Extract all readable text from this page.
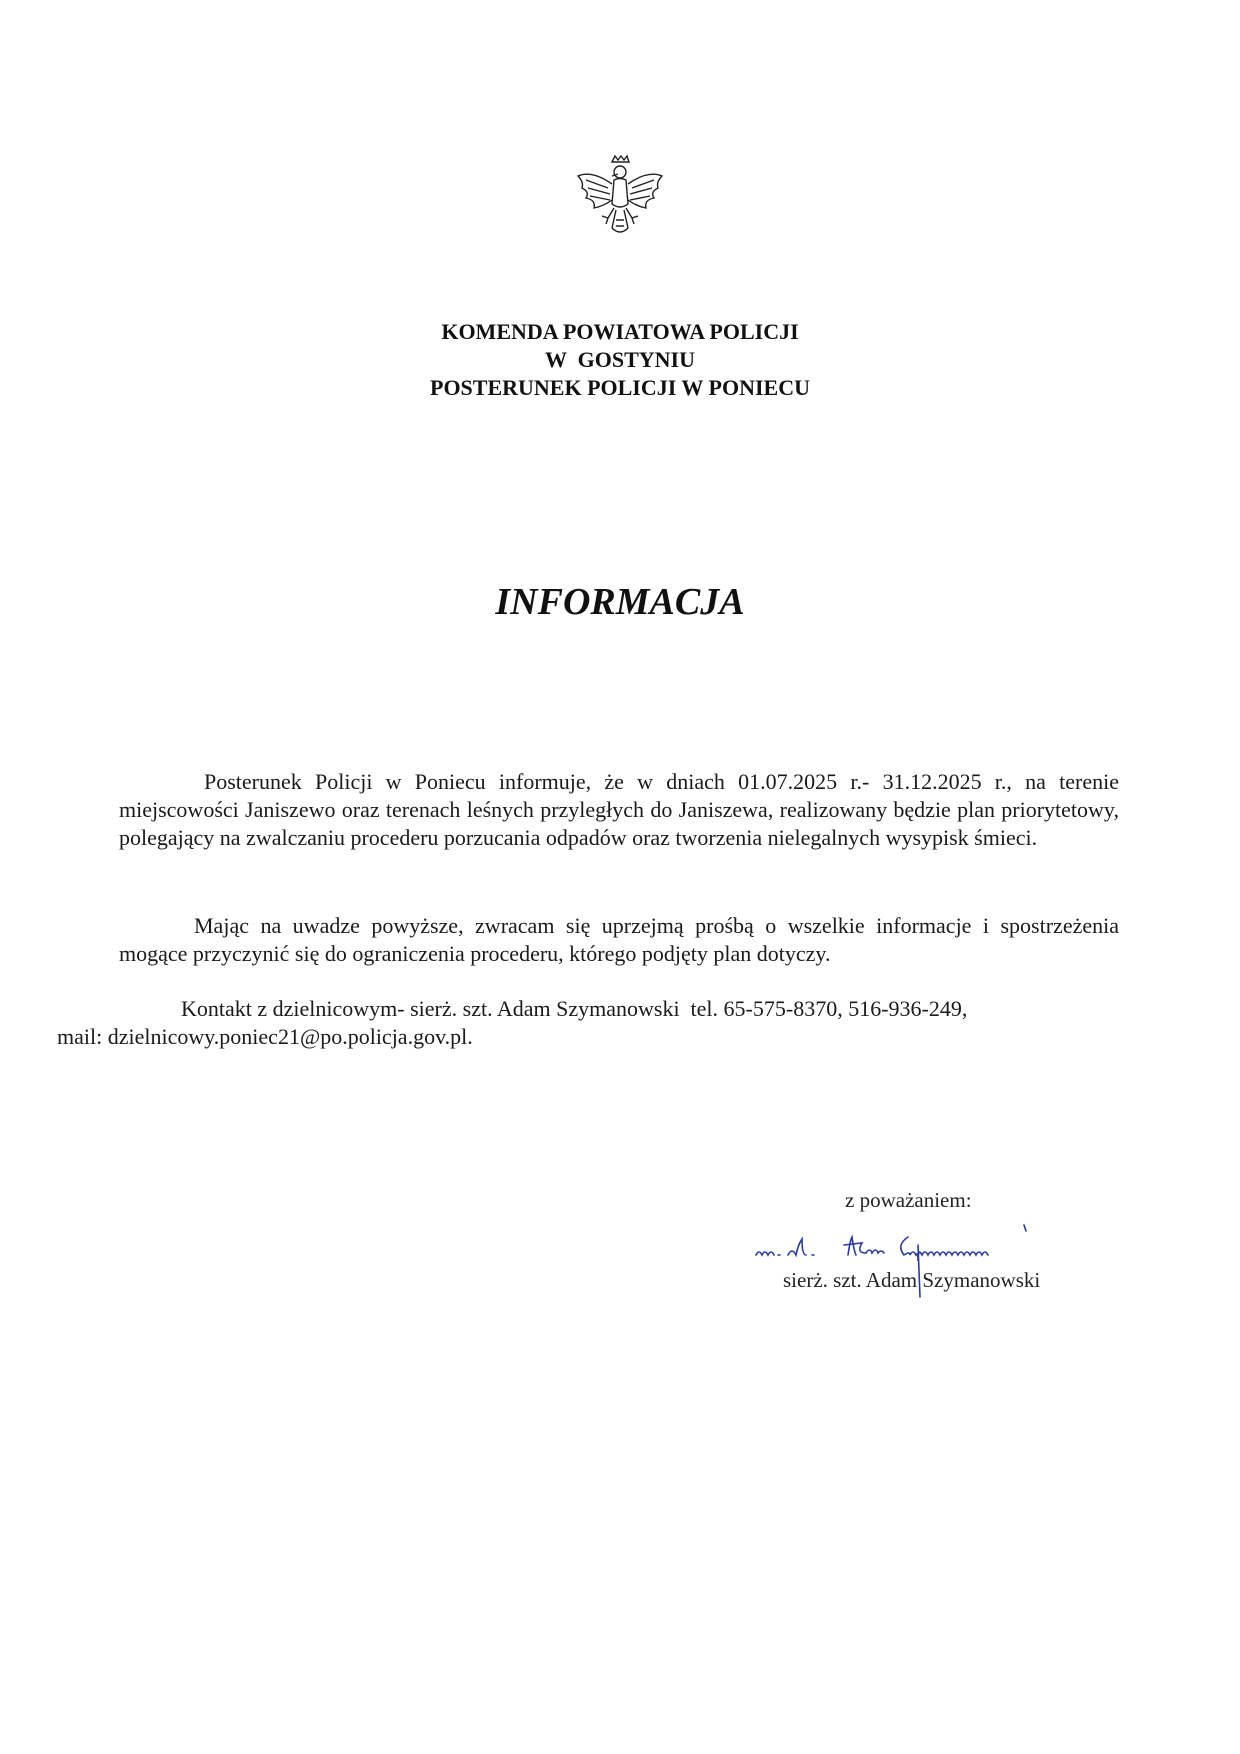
KOMENDA POWIATOWA POLICJI
W  GOSTYNIU
POSTERUNEK POLICJI W PONIECU
INFORMACJA
Posterunek Policji w Poniecu informuje, że w dniach 01.07.2025 r.- 31.12.2025 r., na terenie miejscowości Janiszewo oraz terenach leśnych przyległych do Janiszewa, realizowany będzie plan priorytetowy, polegający na zwalczaniu procederu porzucania odpadów oraz tworzenia nielegalnych wysypisk śmieci.
Mając na uwadze powyższe, zwracam się uprzejmą prośbą o wszelkie informacje i spostrzeżenia mogące przyczynić się do ograniczenia procederu, którego podjęty plan dotyczy.
Kontakt z dzielnicowym- sierż. szt. Adam Szymanowski  tel. 65-575-8370, 516-936-249,
mail: dzielnicowy.poniec21@po.policja.gov.pl.
z poważaniem:
sierż. szt. Adam Szymanowski
